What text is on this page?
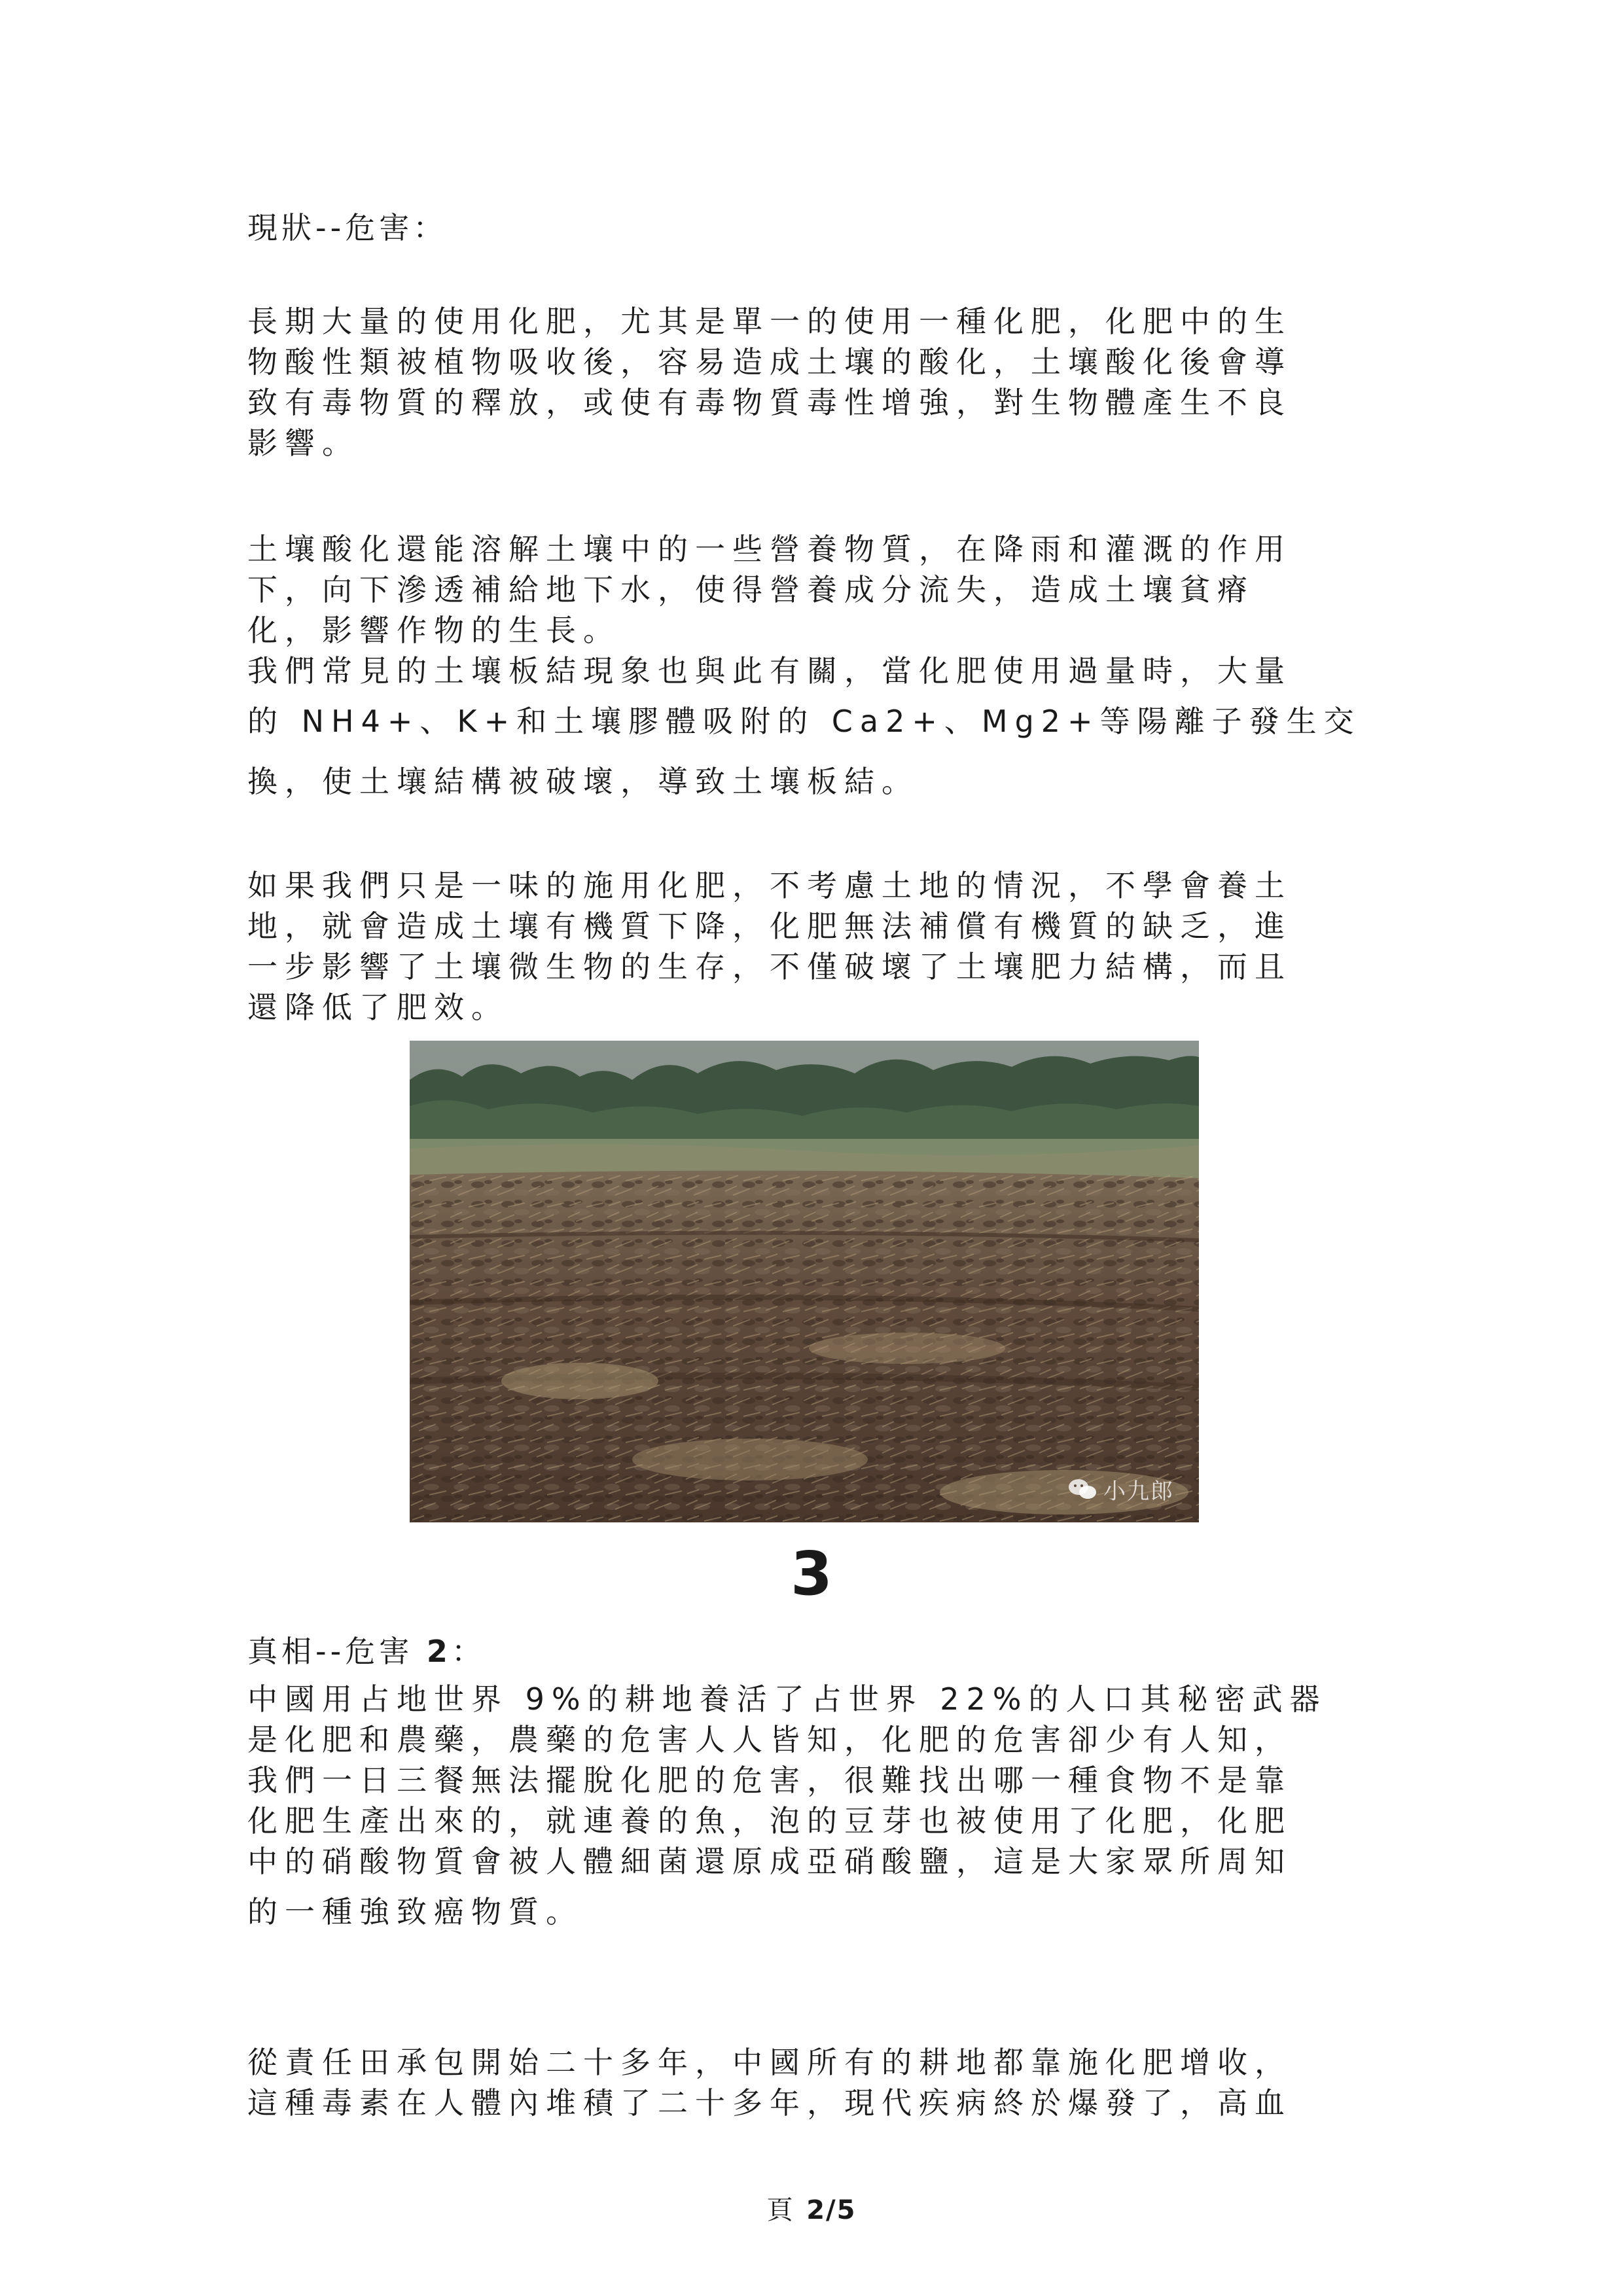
現狀--危害：

長期大量的使用化肥，尤其是單一的使用一種化肥，化肥中的生

物酸性類被植物吸收後，容易造成土壤的酸化，土壤酸化後會導

致有毒物質的釋放，或使有毒物質毒性增強，對生物體產生不良

影響。

土壤酸化還能溶解土壤中的一些營養物質，在降雨和灌溉的作用

下，向下滲透補給地下水，使得營養成分流失，造成土壤貧瘠

化，影響作物的生長。

我們常見的土壤板結現象也與此有關，當化肥使用過量時，大量

的 NH4+、K+和土壤膠體吸附的 Ca2+、Mg2+等陽離子發生交

換，使土壤結構被破壞，導致土壤板結。

如果我們只是一味的施用化肥，不考慮土地的情況，不學會養土

地，就會造成土壤有機質下降，化肥無法補償有機質的缺乏，進

一步影響了土壤微生物的生存，不僅破壞了土壤肥力結構，而且

還降低了肥效。

小九郎
3
真相--危害 2：

中國用占地世界 9%的耕地養活了占世界 22%的人口其秘密武器

是化肥和農藥，農藥的危害人人皆知，化肥的危害卻少有人知，

我們一日三餐無法擺脫化肥的危害，很難找出哪一種食物不是靠

化肥生產出來的，就連養的魚，泡的豆芽也被使用了化肥，化肥

中的硝酸物質會被人體細菌還原成亞硝酸鹽，這是大家眾所周知

的一種強致癌物質。

從責任田承包開始二十多年，中國所有的耕地都靠施化肥增收，

這種毒素在人體內堆積了二十多年，現代疾病終於爆發了，高血

頁 2/5
